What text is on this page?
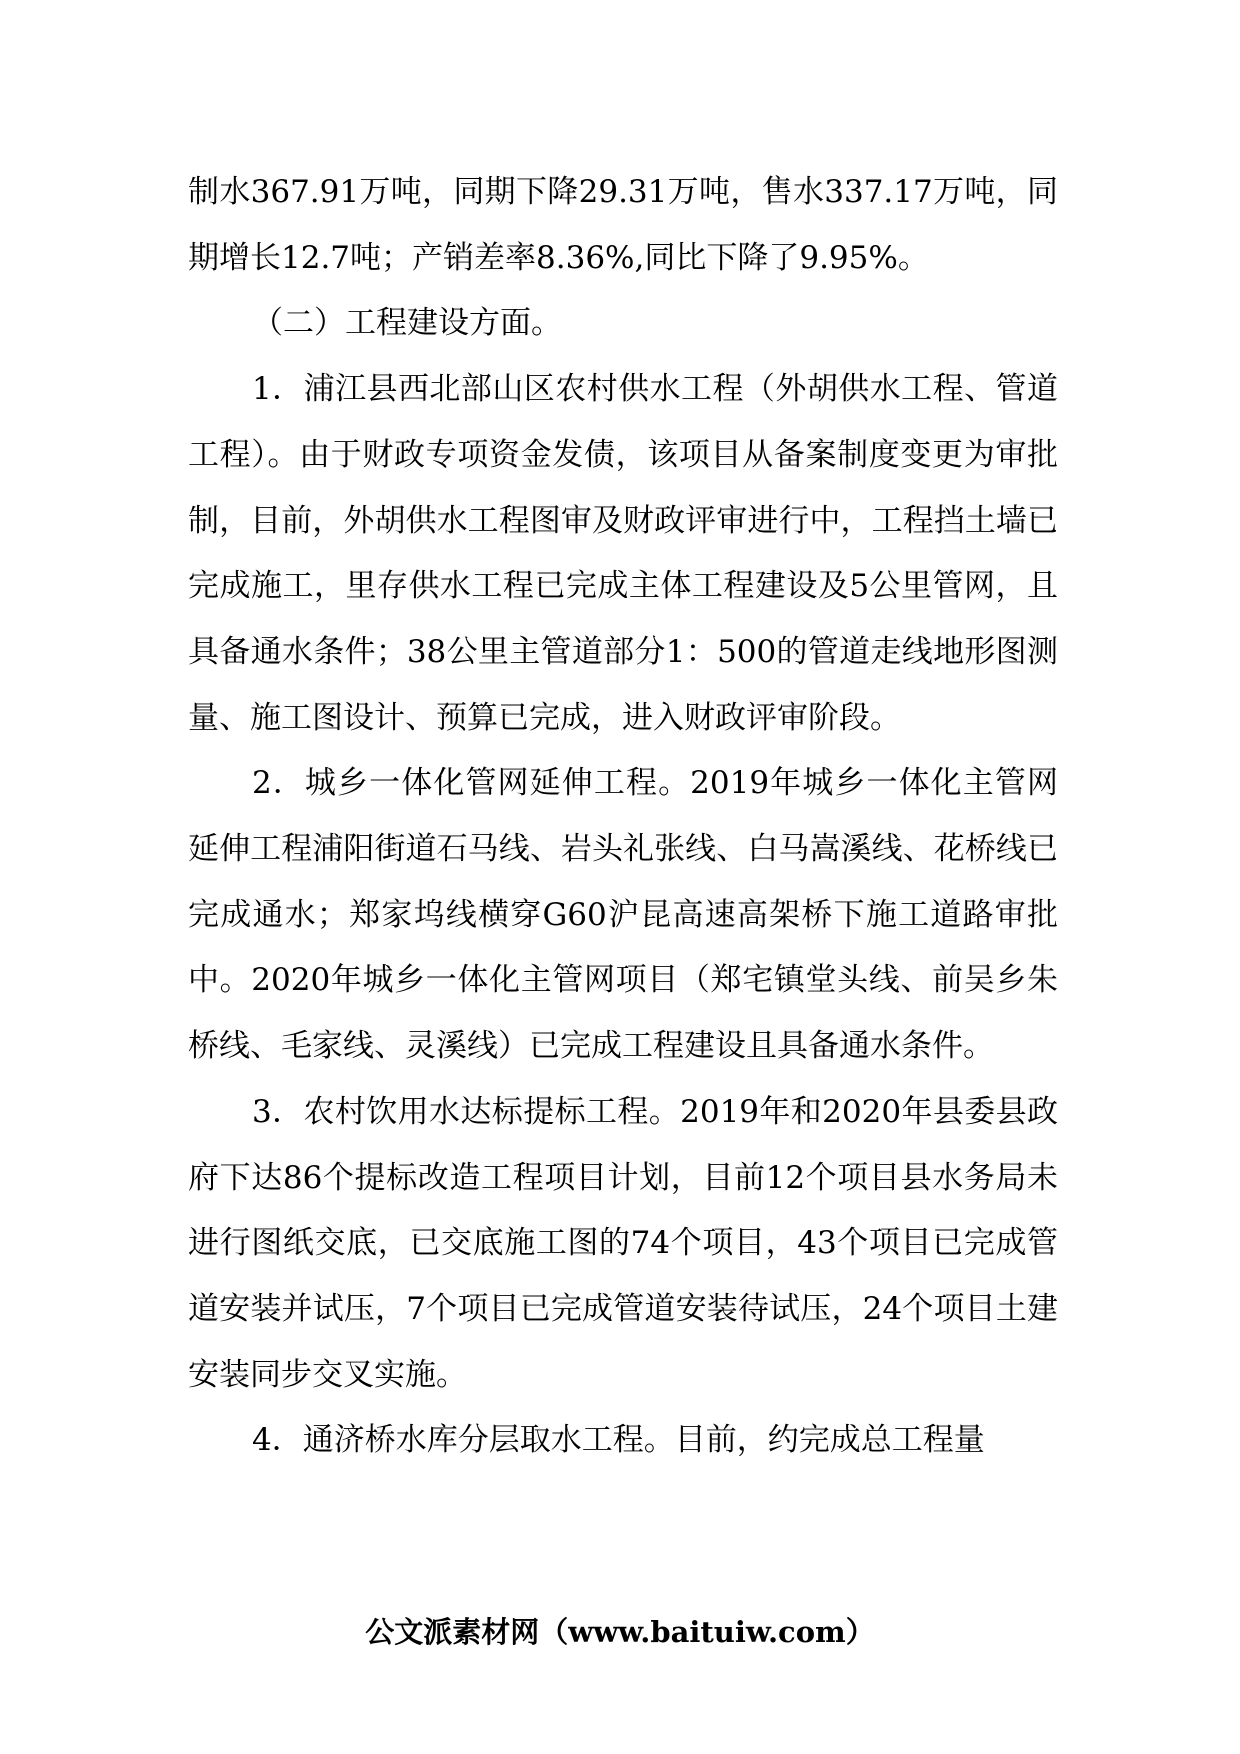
制水367.91万吨，同期下降29.31万吨，售水337.17万吨，同期增长12.7吨；产销差率8.36%,同比下降了9.95%。

（二）工程建设方面。

1．浦江县西北部山区农村供水工程（外胡供水工程、管道工程）。由于财政专项资金发债，该项目从备案制度变更为审批制，目前，外胡供水工程图审及财政评审进行中，工程挡土墙已完成施工，里存供水工程已完成主体工程建设及5公里管网，且具备通水条件；38公里主管道部分1：500的管道走线地形图测量、施工图设计、预算已完成，进入财政评审阶段。

2．城乡一体化管网延伸工程。2019年城乡一体化主管网延伸工程浦阳街道石马线、岩头礼张线、白马嵩溪线、花桥线已完成通水；郑家坞线横穿G60沪昆高速高架桥下施工道路审批中。2020年城乡一体化主管网项目（郑宅镇堂头线、前吴乡朱桥线、毛家线、灵溪线）已完成工程建设且具备通水条件。

3．农村饮用水达标提标工程。2019年和2020年县委县政府下达86个提标改造工程项目计划，目前12个项目县水务局未进行图纸交底，已交底施工图的74个项目，43个项目已完成管道安装并试压，7个项目已完成管道安装待试压，24个项目土建安装同步交叉实施。

4．通济桥水库分层取水工程。目前，约完成总工程量

公文派素材网（www.baituiw.com）
